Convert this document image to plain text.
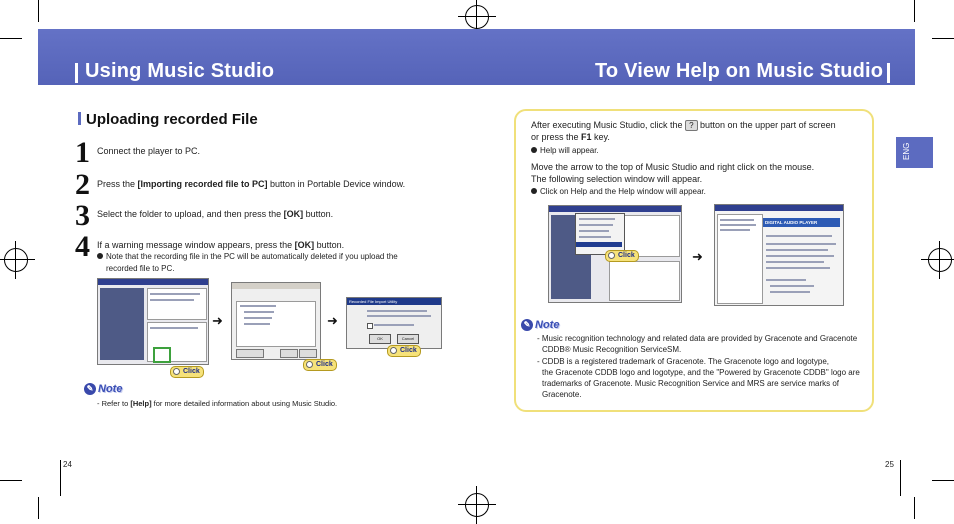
Using Music Studio	To View Help on Music Studio
Uploading recorded File
1 Connect the player to PC.
2 Press the [Importing recorded file to PC] button in Portable Device window.
3 Select the folder to upload, and then press the [OK] button.
4 If a warning message window appears, press the [OK] button.
Note that the recording file in the PC will be automatically deleted if you upload the
recorded file to PC.
Click
➜
Click
➜
Recorded File Import Utility
OK	Cancel
Click
✎ Note
- Refer to [Help] for more detailed information about using Music Studio.
24
After executing Music Studio, click the ? button on the upper part of screen
or press the F1 key.
Help will appear.
Move the arrow to the top of Music Studio and right click on the mouse.
The following selection window will appear.
Click on Help and the Help window will appear.
Click	➜
DIGITAL AUDIO PLAYER
✎ Note
- Music recognition technology and related data are provided by Gracenote and Gracenote
CDDB® Music Recognition ServiceSM.
- CDDB is a registered trademark of Gracenote. The Gracenote logo and logotype,
the Gracenote CDDB logo and logotype, and the "Powered by Gracenote CDDB" logo are
trademarks of Gracenote. Music Recognition Service and MRS are service marks of
Gracenote.
ENG
25
